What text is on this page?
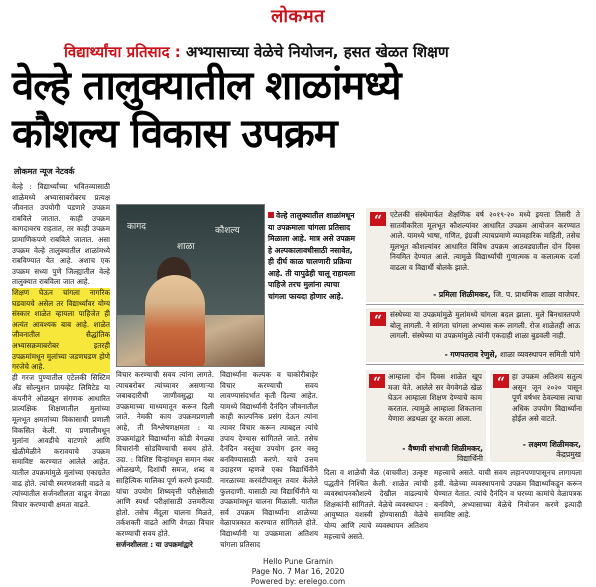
लोकमत
विद्यार्थ्यांचा प्रतिसाद : अभ्यासाच्या वेळेचे नियोजन, हसत खेळत शिक्षण
वेल्हे तालुक्यातील शाळांमध्ये
कौशल्य विकास उपक्रम
लोकमत न्यूज नेटवर्क

वेल्हे : विद्यार्थ्यांच्या भवितव्यासाठी शाळेमध्ये अभ्यासाबरोबरच प्रत्यक्ष जीवनात उपयोगी पडणारे उपक्रम राबविले जातात. काही उपक्रम कागदावरच राहतात, तर काही उपक्रम प्रामाणिकपणे राबविले जातात. असा उपक्रम वेल्हे तालुक्यातील शाळांमध्ये राबविण्यात येत आहे. अशाच एक उपक्रम सध्या पुणे जिल्ह्यातील वेल्हे तालुक्यात राबविला जात आहे.

शिक्षण घेऊन चांगला नागरिक घडवायचे असेल तर विद्यार्थ्यांवर योग्य संस्कार शाळेत व्हायला पाहिजेत ही अत्यंत आवश्यक बाब आहे. शाळेत जीवनातील सैद्धांतिक अभ्यासक्रमाबरोबर इतरही उपक्रमांमधून मुलांच्या जडणघडण होणे गरजेचे आहे.

ही गरज पुण्यातील एटेलकी सिस्टिम अँड सोल्युशन प्रायव्हेट लिमिटेड या कंपनीने ओळखून संगणक आधारित प्रात्यक्षिक शिक्षणातील मुलांच्या मूलभूत क्षमतांच्या विकासाची प्रणाली विकसित केली. या प्रणालीमधून मुलांना आवडीचे वाटणारे आणि खेळीमेळीने करावयाचे उपक्रम समाविष्ट करण्यात आलेले आहेत. यातील उपक्रमांमुळे मुलांच्या एकाग्रतेत वाढ होते. त्यांची स्मरणशक्ती वाढते व त्यांच्यातील सर्जनशीलता वाढून वेगळा विचार करण्याची क्षमता वाढते.

कागद
शाळा
कौशल्य
वेल्हे तालुक्यातील शाळांमधून या उपक्रमाला चांगला प्रतिसाद मिळाला आहे. मात्र असे उपक्रम हे अल्पकालावधीसाठी नसावेत, ही दीर्घ काळ चालणारी प्रक्रिया आहे. ती यापुढेही चालू राहायला पाहिजे तरच मुलांना त्याचा चांगला फायदा होणार आहे.

विचार करण्याची सवय त्यांना लागते. त्याचबरोबर त्यांच्यावर असणाऱ्या जबाबदारीची जाणीवसुद्धा या उपक्रमाच्या माध्यमातून करून दिली जाते. नेमकी काय उपक्रमप्रणाली आहे, ती विश्लेषणक्षमता : या उपक्रमांद्वारे विद्यार्थ्यांना कोडी वेगळ्या विचारांनी सोडविण्याची सवय होते. उदा. : विशिष्ट चिन्हांमधून समान नंबर ओळखणे, दिशांची समज, शब्द व साहित्यिक मालिका पूर्ण करणे इत्यादी. यांचा उपयोग शिष्यवृत्ती परीक्षेसाठी आणि स्पर्धा परीक्षांसाठी उत्तमरीत्या होतो. तसेच मेंदूला चालना मिळते, तर्कशक्ती वाढते आणि वेगळा विचार करण्याची सवय होते.

सर्जनशीलता : या उपक्रमांद्वारे

विद्यार्थ्यांना कल्पक व चाकोरीबाहेर विचार करण्याची सवय लावण्यासंदर्भात कृती दिल्या आहेत. यामध्ये विद्यार्थ्यांनी दैनंदिन जीवनातील काही काल्पनिक प्रसंग देऊन त्यांना त्यावर विचार करून त्याबद्दल त्यांचे उपाय देण्यास सांगितले जाते. तसेच दैनंदिन वस्तूंचा उपयोग इतर वस्तू बनविण्यासाठी करणे. याचे उत्तम उदाहरण म्हणजे एका विद्यार्थिनीने नारळाच्या करवंटीपासून तयार केलेले फुलदाणी. यासाठी त्या विद्यार्थिनीने या उपक्रमांमधून चालना मिळाली. यातील सर्व उपक्रम विद्यार्थ्यांना शाळेच्या वेळापत्रकात करण्यात सांगितले होते. विद्यार्थ्यांनी या उपक्रमाला अतिशय चांगला प्रतिसाद

दिला व शाळेची वेळ (वाचवीत) उत्कृष्ट पद्धतीने निश्चित केली. शाळेत त्यांची व्यवस्थापनकौशल्ये देखील वाढल्याचे शिक्षकांनी सांगितले. वेळेचे व्यवस्थापन : आयुष्यात यशस्वी होण्यासाठी वेळेचे योग्य आणि त्याचे व्यवस्थापन अतिशय महत्त्वाचे असते.

महत्त्वाचे असते. याची सवय लहानपणापासूनच लागायला हवी. वेळेच्या व्यवस्थापनाचे उपक्रम विद्यार्थ्यांकडून करून घेण्यात येतात. त्यांचे दैनंदिन व घरच्या कामांचे वेळापत्रक बनविणे, अभ्यासाच्या वेळेचे नियोजन करणे इत्यादी समाविष्ट आहे.

“	एटेलकी संस्थेमार्फत शैक्षणिक वर्ष २०१९-२० मध्ये इयत्ता तिसरी ते सातवीकरिता मूलभूत कौशल्यांवर आधारित उपक्रम आयोजन करण्यात आले. यामध्ये भाषा, गणित, इंग्रजी त्याचप्रमाणे व्यावहारिक माहिती, तसेच मूलभूत कौशल्यांवर आधारित विविध उपक्रम आठवड्यातील दोन दिवस नियमित देण्यात आले. त्यामुळे विद्यार्थ्यांची गुणात्मक व कलात्मक दर्जा वाढला व विद्यार्थी बोलके झाले.
- प्रमिला शिळीमकर, जि. प. प्राथमिक शाळा वाजेघर.
“	संस्थेच्या या उपक्रमांमुळे मुलांमध्ये चांगला बदल झाला. मुले बिनधास्तपणे बोलू लागली. ने सांगता चांगला अभ्यास करू लागली. रोज शाळेतही आऊ लागली. संस्थेच्या या उपक्रमांमुळे त्यांनी एकदाही शाळा बुडवली नाही.
- गणपतराव रेणुसे, शाळा व्यवस्थापन समिती पांगे
“ आम्हाला दोन दिवस शाळेत खूप मजा येते. आलेले सर वेगवेगळे खेळ घेऊन आम्हाला शिक्षण देण्याचे काम करतात. त्यामुळे आम्हाला शिकताना येणारा अडथळा दूर करता आला.
- वैष्णवी संभाजी शिळीमकर,
विद्यार्थिनी
“ हा उपक्रम अतिशय सतुत्य असून जून २०२० पासून पूर्ण वर्षभर ठेवल्यास त्याचा अधिक उपयोग विद्यार्थ्यांना होईल असे वाटते.
- लक्ष्मण शिळीमकर,
केंद्रप्रमुख
Hello Pune Gramin
Page No. 7 Mar 16, 2020
Powered by: erelego.com
